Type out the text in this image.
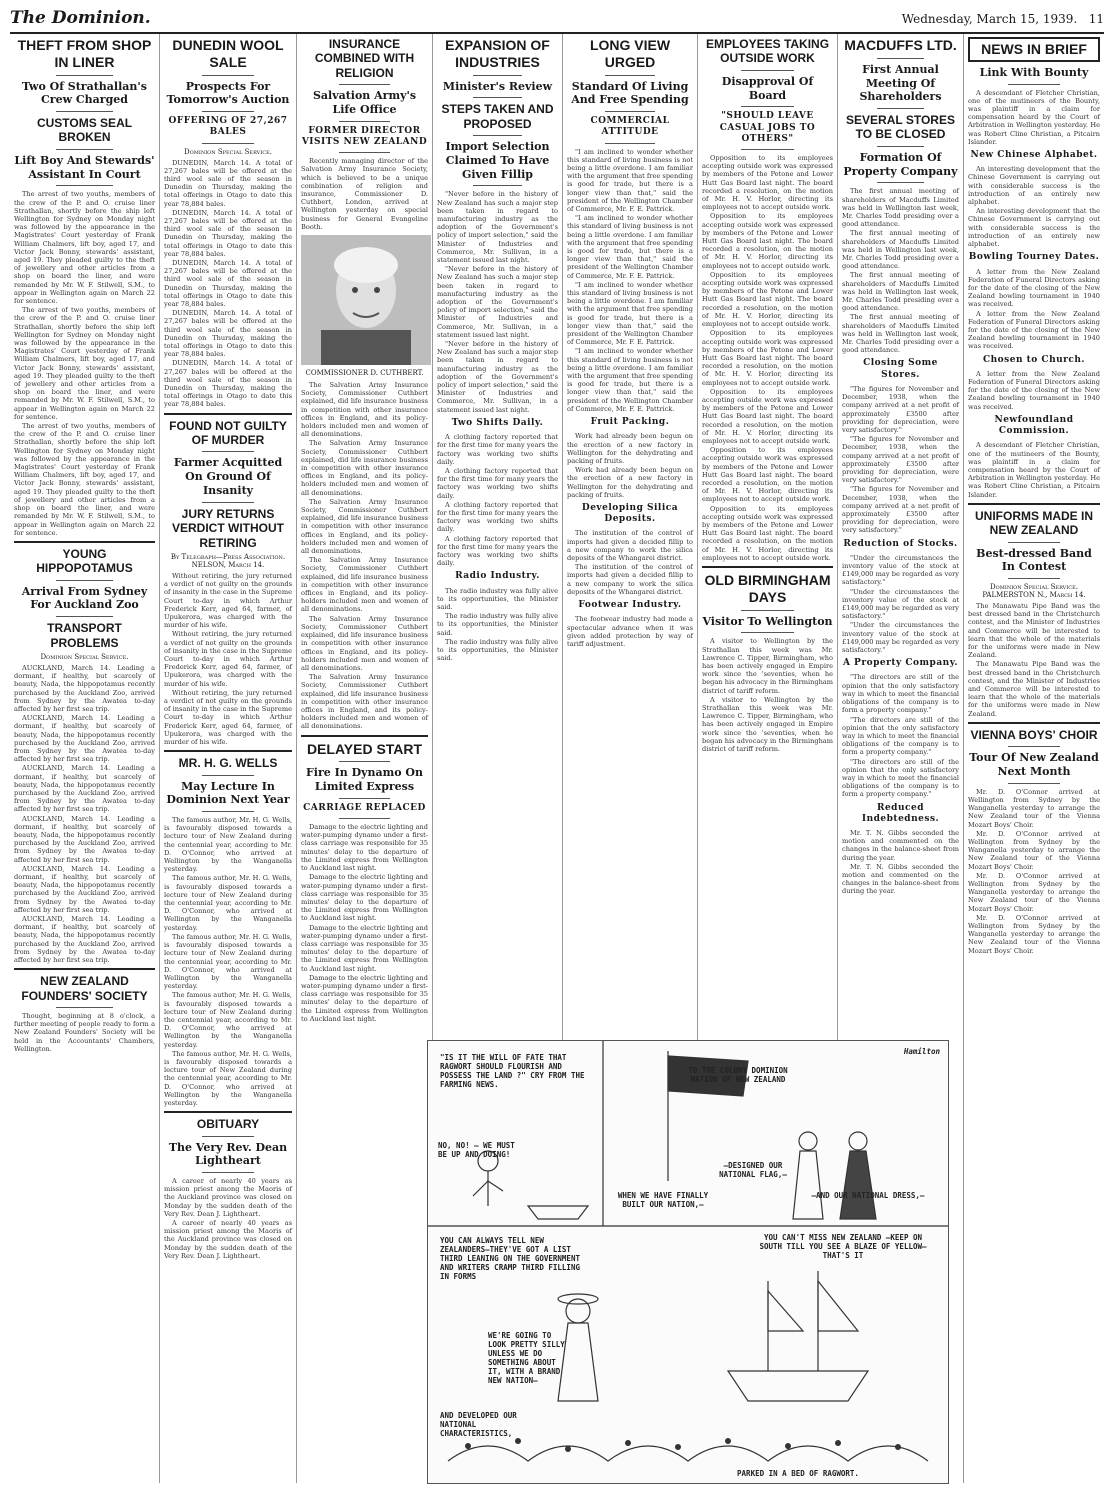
The Dominion.	Wednesday, March 15, 1939. 11
THEFT FROM SHOP IN LINER
Two Of Strathallan's Crew Charged
CUSTOMS SEAL BROKEN
Lift Boy And Stewards' Assistant In Court

The arrest of two youths, members of the crew of the P. and O. cruise liner Strathallan, shortly before the ship left Wellington for Sydney on Monday night was followed by the appearance in the Magistrates' Court yesterday of Frank William Chalmers, lift boy, aged 17, and Victor Jack Bonny, stewards' assistant, aged 19. They pleaded guilty to the theft of jewellery and other articles from a shop on board the liner, and were remanded by Mr. W. F. Stilwell, S.M., to appear in Wellington again on March 22 for sentence.

The arrest of two youths, members of the crew of the P. and O. cruise liner Strathallan, shortly before the ship left Wellington for Sydney on Monday night was followed by the appearance in the Magistrates' Court yesterday of Frank William Chalmers, lift boy, aged 17, and Victor Jack Bonny, stewards' assistant, aged 19. They pleaded guilty to the theft of jewellery and other articles from a shop on board the liner, and were remanded by Mr. W. F. Stilwell, S.M., to appear in Wellington again on March 22 for sentence.

The arrest of two youths, members of the crew of the P. and O. cruise liner Strathallan, shortly before the ship left Wellington for Sydney on Monday night was followed by the appearance in the Magistrates' Court yesterday of Frank William Chalmers, lift boy, aged 17, and Victor Jack Bonny, stewards' assistant, aged 19. They pleaded guilty to the theft of jewellery and other articles from a shop on board the liner, and were remanded by Mr. W. F. Stilwell, S.M., to appear in Wellington again on March 22 for sentence.

YOUNG HIPPOPOTAMUS
Arrival From Sydney For Auckland Zoo
TRANSPORT PROBLEMS
Dominion Special Service.

AUCKLAND, March 14. Leading a dormant, if healthy, but scarcely of beauty, Nada, the hippopotamus recently purchased by the Auckland Zoo, arrived from Sydney by the Awatea to-day affected by her first sea trip.

AUCKLAND, March 14. Leading a dormant, if healthy, but scarcely of beauty, Nada, the hippopotamus recently purchased by the Auckland Zoo, arrived from Sydney by the Awatea to-day affected by her first sea trip.

AUCKLAND, March 14. Leading a dormant, if healthy, but scarcely of beauty, Nada, the hippopotamus recently purchased by the Auckland Zoo, arrived from Sydney by the Awatea to-day affected by her first sea trip.

AUCKLAND, March 14. Leading a dormant, if healthy, but scarcely of beauty, Nada, the hippopotamus recently purchased by the Auckland Zoo, arrived from Sydney by the Awatea to-day affected by her first sea trip.

AUCKLAND, March 14. Leading a dormant, if healthy, but scarcely of beauty, Nada, the hippopotamus recently purchased by the Auckland Zoo, arrived from Sydney by the Awatea to-day affected by her first sea trip.

AUCKLAND, March 14. Leading a dormant, if healthy, but scarcely of beauty, Nada, the hippopotamus recently purchased by the Auckland Zoo, arrived from Sydney by the Awatea to-day affected by her first sea trip.

NEW ZEALAND FOUNDERS' SOCIETY

Thought, beginning at 8 o'clock, a further meeting of people ready to form a New Zealand Founders' Society will be held in the Accountants' Chambers, Wellington.

DUNEDIN WOOL SALE
Prospects For Tomorrow's Auction
OFFERING OF 27,267 BALES
Dominion Special Service.

DUNEDIN, March 14. A total of 27,267 bales will be offered at the third wool sale of the season in Dunedin on Thursday, making the total offerings in Otago to date this year 78,884 bales.

DUNEDIN, March 14. A total of 27,267 bales will be offered at the third wool sale of the season in Dunedin on Thursday, making the total offerings in Otago to date this year 78,884 bales.

DUNEDIN, March 14. A total of 27,267 bales will be offered at the third wool sale of the season in Dunedin on Thursday, making the total offerings in Otago to date this year 78,884 bales.

DUNEDIN, March 14. A total of 27,267 bales will be offered at the third wool sale of the season in Dunedin on Thursday, making the total offerings in Otago to date this year 78,884 bales.

DUNEDIN, March 14. A total of 27,267 bales will be offered at the third wool sale of the season in Dunedin on Thursday, making the total offerings in Otago to date this year 78,884 bales.

FOUND NOT GUILTY OF MURDER
Farmer Acquitted On Ground Of Insanity
JURY RETURNS VERDICT WITHOUT RETIRING
By Telegraph—Press Association. NELSON, March 14.

Without retiring, the jury returned a verdict of not guilty on the grounds of insanity in the case in the Supreme Court to-day in which Arthur Frederick Kerr, aged 64, farmer, of Upukerora, was charged with the murder of his wife.

Without retiring, the jury returned a verdict of not guilty on the grounds of insanity in the case in the Supreme Court to-day in which Arthur Frederick Kerr, aged 64, farmer, of Upukerora, was charged with the murder of his wife.

Without retiring, the jury returned a verdict of not guilty on the grounds of insanity in the case in the Supreme Court to-day in which Arthur Frederick Kerr, aged 64, farmer, of Upukerora, was charged with the murder of his wife.

MR. H. G. WELLS
May Lecture In Dominion Next Year

The famous author, Mr. H. G. Wells, is favourably disposed towards a lecture tour of New Zealand during the centennial year, according to Mr. D. O'Connor, who arrived at Wellington by the Wanganella yesterday.

The famous author, Mr. H. G. Wells, is favourably disposed towards a lecture tour of New Zealand during the centennial year, according to Mr. D. O'Connor, who arrived at Wellington by the Wanganella yesterday.

The famous author, Mr. H. G. Wells, is favourably disposed towards a lecture tour of New Zealand during the centennial year, according to Mr. D. O'Connor, who arrived at Wellington by the Wanganella yesterday.

The famous author, Mr. H. G. Wells, is favourably disposed towards a lecture tour of New Zealand during the centennial year, according to Mr. D. O'Connor, who arrived at Wellington by the Wanganella yesterday.

The famous author, Mr. H. G. Wells, is favourably disposed towards a lecture tour of New Zealand during the centennial year, according to Mr. D. O'Connor, who arrived at Wellington by the Wanganella yesterday.

OBITUARY
The Very Rev. Dean Lightheart

A career of nearly 40 years as mission priest among the Maoris of the Auckland province was closed on Monday by the sudden death of the Very Rev. Dean J. Lightheart.

A career of nearly 40 years as mission priest among the Maoris of the Auckland province was closed on Monday by the sudden death of the Very Rev. Dean J. Lightheart.

INSURANCE COMBINED WITH RELIGION
Salvation Army's Life Office
FORMER DIRECTOR VISITS NEW ZEALAND

Recently managing director of the Salvation Army Insurance Society, which is believed to be a unique combination of religion and insurance, Commissioner D. Cuthbert, London, arrived at Wellington yesterday on special business for General Evangeline Booth.

COMMISSIONER D. CUTHBERT.

The Salvation Army Insurance Society, Commissioner Cuthbert explained, did life insurance business in competition with other insurance offices in England, and its policy-holders included men and women of all denominations.

The Salvation Army Insurance Society, Commissioner Cuthbert explained, did life insurance business in competition with other insurance offices in England, and its policy-holders included men and women of all denominations.

The Salvation Army Insurance Society, Commissioner Cuthbert explained, did life insurance business in competition with other insurance offices in England, and its policy-holders included men and women of all denominations.

The Salvation Army Insurance Society, Commissioner Cuthbert explained, did life insurance business in competition with other insurance offices in England, and its policy-holders included men and women of all denominations.

The Salvation Army Insurance Society, Commissioner Cuthbert explained, did life insurance business in competition with other insurance offices in England, and its policy-holders included men and women of all denominations.

The Salvation Army Insurance Society, Commissioner Cuthbert explained, did life insurance business in competition with other insurance offices in England, and its policy-holders included men and women of all denominations.

DELAYED START
Fire In Dynamo On Limited Express
CARRIAGE REPLACED

Damage to the electric lighting and water-pumping dynamo under a first-class carriage was responsible for 35 minutes' delay to the departure of the Limited express from Wellington to Auckland last night.

Damage to the electric lighting and water-pumping dynamo under a first-class carriage was responsible for 35 minutes' delay to the departure of the Limited express from Wellington to Auckland last night.

Damage to the electric lighting and water-pumping dynamo under a first-class carriage was responsible for 35 minutes' delay to the departure of the Limited express from Wellington to Auckland last night.

Damage to the electric lighting and water-pumping dynamo under a first-class carriage was responsible for 35 minutes' delay to the departure of the Limited express from Wellington to Auckland last night.

EXPANSION OF INDUSTRIES
Minister's Review
STEPS TAKEN AND PROPOSED
Import Selection Claimed To Have Given Fillip

"Never before in the history of New Zealand has such a major step been taken in regard to manufacturing industry as the adoption of the Government's policy of import selection," said the Minister of Industries and Commerce, Mr. Sullivan, in a statement issued last night.

"Never before in the history of New Zealand has such a major step been taken in regard to manufacturing industry as the adoption of the Government's policy of import selection," said the Minister of Industries and Commerce, Mr. Sullivan, in a statement issued last night.

"Never before in the history of New Zealand has such a major step been taken in regard to manufacturing industry as the adoption of the Government's policy of import selection," said the Minister of Industries and Commerce, Mr. Sullivan, in a statement issued last night.

Two Shifts Daily.

A clothing factory reported that for the first time for many years the factory was working two shifts daily.

A clothing factory reported that for the first time for many years the factory was working two shifts daily.

A clothing factory reported that for the first time for many years the factory was working two shifts daily.

A clothing factory reported that for the first time for many years the factory was working two shifts daily.

Radio Industry.

The radio industry was fully alive to its opportunities, the Minister said.

The radio industry was fully alive to its opportunities, the Minister said.

The radio industry was fully alive to its opportunities, the Minister said.

LONG VIEW URGED
Standard Of Living And Free Spending
COMMERCIAL ATTITUDE

"I am inclined to wonder whether this standard of living business is not being a little overdone. I am familiar with the argument that free spending is good for trade, but there is a longer view than that," said the president of the Wellington Chamber of Commerce, Mr. F. E. Pattrick.

"I am inclined to wonder whether this standard of living business is not being a little overdone. I am familiar with the argument that free spending is good for trade, but there is a longer view than that," said the president of the Wellington Chamber of Commerce, Mr. F. E. Pattrick.

"I am inclined to wonder whether this standard of living business is not being a little overdone. I am familiar with the argument that free spending is good for trade, but there is a longer view than that," said the president of the Wellington Chamber of Commerce, Mr. F. E. Pattrick.

"I am inclined to wonder whether this standard of living business is not being a little overdone. I am familiar with the argument that free spending is good for trade, but there is a longer view than that," said the president of the Wellington Chamber of Commerce, Mr. F. E. Pattrick.

Fruit Packing.

Work had already been begun on the erection of a new factory in Wellington for the dehydrating and packing of fruits.

Work had already been begun on the erection of a new factory in Wellington for the dehydrating and packing of fruits.

Developing Silica Deposits.

The institution of the control of imports had given a decided fillip to a new company to work the silica deposits of the Whangarei district.

The institution of the control of imports had given a decided fillip to a new company to work the silica deposits of the Whangarei district.

Footwear Industry.

The footwear industry had made a spectacular advance when it was given added protection by way of tariff adjustment.

EMPLOYEES TAKING OUTSIDE WORK
Disapproval Of Board
"SHOULD LEAVE CASUAL JOBS TO OTHERS"

Opposition to its employees accepting outside work was expressed by members of the Petone and Lower Hutt Gas Board last night. The board recorded a resolution, on the motion of Mr. H. V. Horlor, directing its employees not to accept outside work.

Opposition to its employees accepting outside work was expressed by members of the Petone and Lower Hutt Gas Board last night. The board recorded a resolution, on the motion of Mr. H. V. Horlor, directing its employees not to accept outside work.

Opposition to its employees accepting outside work was expressed by members of the Petone and Lower Hutt Gas Board last night. The board recorded a resolution, on the motion of Mr. H. V. Horlor, directing its employees not to accept outside work.

Opposition to its employees accepting outside work was expressed by members of the Petone and Lower Hutt Gas Board last night. The board recorded a resolution, on the motion of Mr. H. V. Horlor, directing its employees not to accept outside work.

Opposition to its employees accepting outside work was expressed by members of the Petone and Lower Hutt Gas Board last night. The board recorded a resolution, on the motion of Mr. H. V. Horlor, directing its employees not to accept outside work.

Opposition to its employees accepting outside work was expressed by members of the Petone and Lower Hutt Gas Board last night. The board recorded a resolution, on the motion of Mr. H. V. Horlor, directing its employees not to accept outside work.

Opposition to its employees accepting outside work was expressed by members of the Petone and Lower Hutt Gas Board last night. The board recorded a resolution, on the motion of Mr. H. V. Horlor, directing its employees not to accept outside work.

OLD BIRMINGHAM DAYS
Visitor To Wellington

A visitor to Wellington by the Strathallan this week was Mr. Lawrence C. Tipper, Birmingham, who has been actively engaged in Empire work since the 'seventies, when he began his advocacy in the Birmingham district of tariff reform.

A visitor to Wellington by the Strathallan this week was Mr. Lawrence C. Tipper, Birmingham, who has been actively engaged in Empire work since the 'seventies, when he began his advocacy in the Birmingham district of tariff reform.

MACDUFFS LTD.
First Annual Meeting Of Shareholders
SEVERAL STORES TO BE CLOSED
Formation Of Property Company

The first annual meeting of shareholders of Macduffs Limited was held in Wellington last week, Mr. Charles Todd presiding over a good attendance.

The first annual meeting of shareholders of Macduffs Limited was held in Wellington last week, Mr. Charles Todd presiding over a good attendance.

The first annual meeting of shareholders of Macduffs Limited was held in Wellington last week, Mr. Charles Todd presiding over a good attendance.

The first annual meeting of shareholders of Macduffs Limited was held in Wellington last week, Mr. Charles Todd presiding over a good attendance.

Closing Some Stores.

"The figures for November and December, 1938, when the company arrived at a net profit of approximately £3500 after providing for depreciation, were very satisfactory."

"The figures for November and December, 1938, when the company arrived at a net profit of approximately £3500 after providing for depreciation, were very satisfactory."

"The figures for November and December, 1938, when the company arrived at a net profit of approximately £3500 after providing for depreciation, were very satisfactory."

Reduction of Stocks.

"Under the circumstances the inventory value of the stock at £149,000 may be regarded as very satisfactory."

"Under the circumstances the inventory value of the stock at £149,000 may be regarded as very satisfactory."

"Under the circumstances the inventory value of the stock at £149,000 may be regarded as very satisfactory."

A Property Company.

"The directors are still of the opinion that the only satisfactory way in which to meet the financial obligations of the company is to form a property company."

"The directors are still of the opinion that the only satisfactory way in which to meet the financial obligations of the company is to form a property company."

"The directors are still of the opinion that the only satisfactory way in which to meet the financial obligations of the company is to form a property company."

Reduced Indebtedness.

Mr. T. N. Gibbs seconded the motion and commented on the changes in the balance-sheet from during the year.

Mr. T. N. Gibbs seconded the motion and commented on the changes in the balance-sheet from during the year.

NEWS IN BRIEF
Link With Bounty

A descendant of Fletcher Christian, one of the mutineers of the Bounty, was plaintiff in a claim for compensation heard by the Court of Arbitration in Wellington yesterday. He was Robert Cline Christian, a Pitcairn Islander.

New Chinese Alphabet.

An interesting development that the Chinese Government is carrying out with considerable success is the introduction of an entirely new alphabet.

An interesting development that the Chinese Government is carrying out with considerable success is the introduction of an entirely new alphabet.

Bowling Tourney Dates.

A letter from the New Zealand Federation of Funeral Directors asking for the date of the closing of the New Zealand bowling tournament in 1940 was received.

A letter from the New Zealand Federation of Funeral Directors asking for the date of the closing of the New Zealand bowling tournament in 1940 was received.

Chosen to Church.

A letter from the New Zealand Federation of Funeral Directors asking for the date of the closing of the New Zealand bowling tournament in 1940 was received.

Newfoundland Commission.

A descendant of Fletcher Christian, one of the mutineers of the Bounty, was plaintiff in a claim for compensation heard by the Court of Arbitration in Wellington yesterday. He was Robert Cline Christian, a Pitcairn Islander.

UNIFORMS MADE IN NEW ZEALAND
Best-dressed Band In Contest
Dominion Special Service. PALMERSTON N., March 14.

The Manawatu Pipe Band was the best dressed band in the Christchurch contest, and the Minister of Industries and Commerce will be interested to learn that the whole of the materials for the uniforms were made in New Zealand.

The Manawatu Pipe Band was the best dressed band in the Christchurch contest, and the Minister of Industries and Commerce will be interested to learn that the whole of the materials for the uniforms were made in New Zealand.

VIENNA BOYS' CHOIR
Tour Of New Zealand Next Month

Mr. D. O'Connor arrived at Wellington from Sydney by the Wanganella yesterday to arrange the New Zealand tour of the Vienna Mozart Boys' Choir.

Mr. D. O'Connor arrived at Wellington from Sydney by the Wanganella yesterday to arrange the New Zealand tour of the Vienna Mozart Boys' Choir.

Mr. D. O'Connor arrived at Wellington from Sydney by the Wanganella yesterday to arrange the New Zealand tour of the Vienna Mozart Boys' Choir.

Mr. D. O'Connor arrived at Wellington from Sydney by the Wanganella yesterday to arrange the New Zealand tour of the Vienna Mozart Boys' Choir.

"IS IT THE WILL OF FATE THAT RAGWORT SHOULD FLOURISH AND POSSESS THE LAND ?" CRY FROM THE FARMING NEWS.
NO, NO! — WE MUST BE UP AND DOING!
TO THE COLONY DOMINION NATION OF NEW ZEALAND
WHEN WE HAVE FINALLY BUILT OUR NATION,—
—DESIGNED OUR NATIONAL FLAG,—
—AND OUR NATIONAL DRESS,—
YOU CAN ALWAYS TELL NEW ZEALANDERS—THEY'VE GOT A LIST THIRD LEANING ON THE GOVERNMENT AND WRITERS CRAMP THIRD FILLING IN FORMS
YOU CAN'T MISS NEW ZEALAND —KEEP ON SOUTH TILL YOU SEE A BLAZE OF YELLOW—THAT'S IT
WE'RE GOING TO LOOK PRETTY SILLY UNLESS WE DO SOMETHING ABOUT IT, WITH A BRAND NEW NATION—
AND DEVELOPED OUR NATIONAL CHARACTERISTICS,
PARKED IN A BED OF RAGWORT.
Hamilton
